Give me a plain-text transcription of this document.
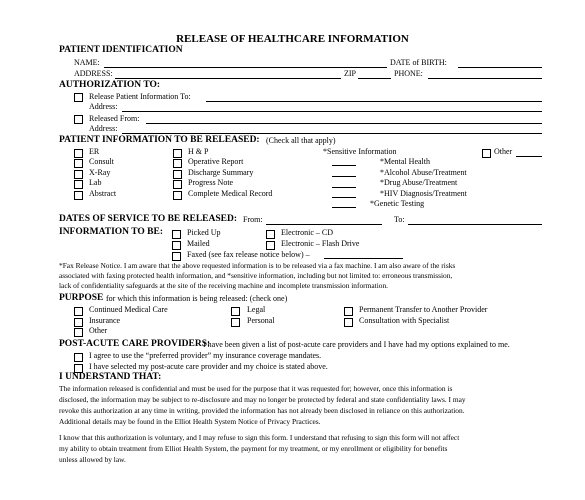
RELEASE OF HEALTHCARE INFORMATION
PATIENT IDENTIFICATION
NAME:	DATE of BIRTH:
ADDRESS:	ZIP	PHONE:
AUTHORIZATION TO:
Release Patient Information To:
Address:
Released From:
Address:
PATIENT INFORMATION TO BE RELEASED: (Check all that apply)
ER
Consult
X-Ray
Lab
Abstract
H & P
Operative Report
Discharge Summary
Progress Note
Complete Medical Record
*Sensitive Information
*Mental Health
*Alcohol Abuse/Treatment
*Drug Abuse/Treatment
*HIV Diagnosis/Treatment
*Genetic Testing
Other
DATES OF SERVICE TO BE RELEASED: From:	To:
INFORMATION TO BE:	Picked Up
Mailed
Faxed (see fax release notice below) –
Electronic – CD
Electronic – Flash Drive
*Fax Release Notice. I am aware that the above requested information is to be released via a fax machine. I am also aware of the risks
associated with faxing protected health information, and *sensitive information, including but not limited to: erroneous transmission,
lack of confidentiality safeguards at the site of the receiving machine and incomplete transmission information.
PURPOSE for which this information is being released: (check one)
Continued Medical Care
Insurance
Other
Legal
Personal
Permanent Transfer to Another Provider
Consultation with Specialist
POST-ACUTE CARE PROVIDERS:
I have been given a list of post-acute care providers and I have had my options explained to me.
I agree to use the “preferred provider” my insurance coverage mandates.
I have selected my post-acute care provider and my choice is stated above.
I UNDERSTAND THAT:
The information released is confidential and must be used for the purpose that it was requested for; however, once this information is
disclosed, the information may be subject to re-disclosure and may no longer be protected by federal and state confidentiality laws. I may
revoke this authorization at any time in writing, provided the information has not already been disclosed in reliance on this authorization.
Additional details may be found in the Elliot Health System Notice of Privacy Practices.
I know that this authorization is voluntary, and I may refuse to sign this form. I understand that refusing to sign this form will not affect
my ability to obtain treatment from Elliot Health System, the payment for my treatment, or my enrollment or eligibility for benefits
unless allowed by law.
